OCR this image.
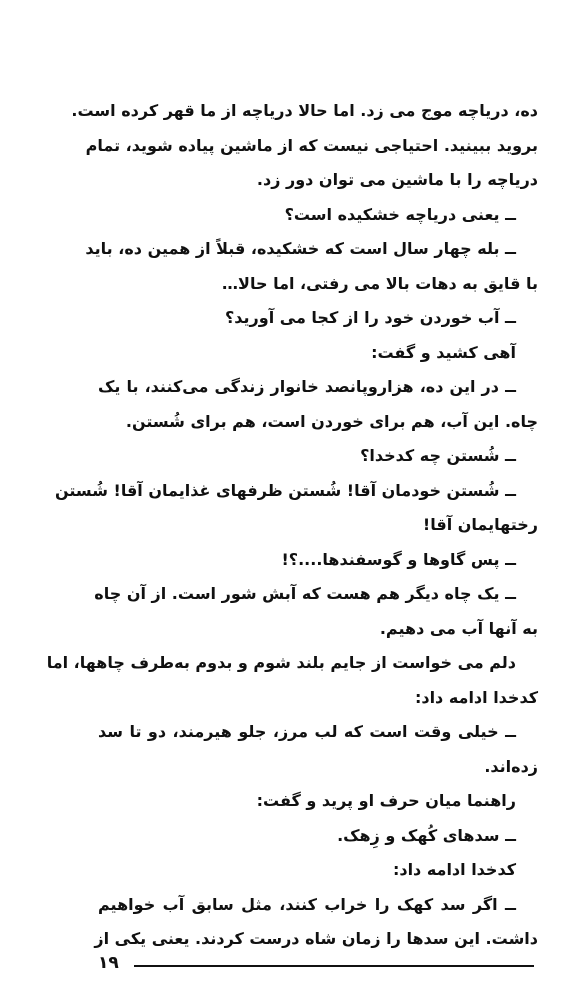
ده، دریاچه موج می زد. اما حالا دریاچه از ما قهر کرده است.
بروید ببینید. احتیاجی نیست که از ماشین پیاده شوید، تمام
دریاچه را با ماشین می توان دور زد.
ــ یعنی دریاچه خشکیده است؟
ــ بله چهار سال است که خشکیده، قبلاً از همین ده، باید
با قایق به دهات بالا می رفتی، اما حالا…
ــ آب خوردن خود را از کجا می آورید؟
آهی کشید و گفت:
ــ در این ده، هزاروپانصد خانوار زندگی می‌کنند، با یک
چاه. این آب، هم برای خوردن است، هم برای شُستن.
ــ شُستن چه کدخدا؟
ــ شُستن خودمان آقا! شُستن ظرفهای غذایمان آقا! شُستن
رختهایمان آقا!
ــ پس گاوها و گوسفندها....؟!
ــ یک چاه دیگر هم هست که آبش شور است. از آن چاه
به آنها آب می دهیم.
دلم می خواست از جایم بلند شوم و بدوم به‌طرف چاهها، اما
کدخدا ادامه داد:
ــ خیلی وقت است که لب مرز، جلو هیرمند، دو تا سد
زده‌اند.
راهنما میان حرف او پرید و گفت:
ــ سدهای کُهک و زِهک.
کدخدا ادامه داد:
ــ اگر سد کهک را خراب کنند، مثل سابق آب خواهیم
داشت. این سدها را زمان شاه درست کردند. یعنی یکی از
۱۹
